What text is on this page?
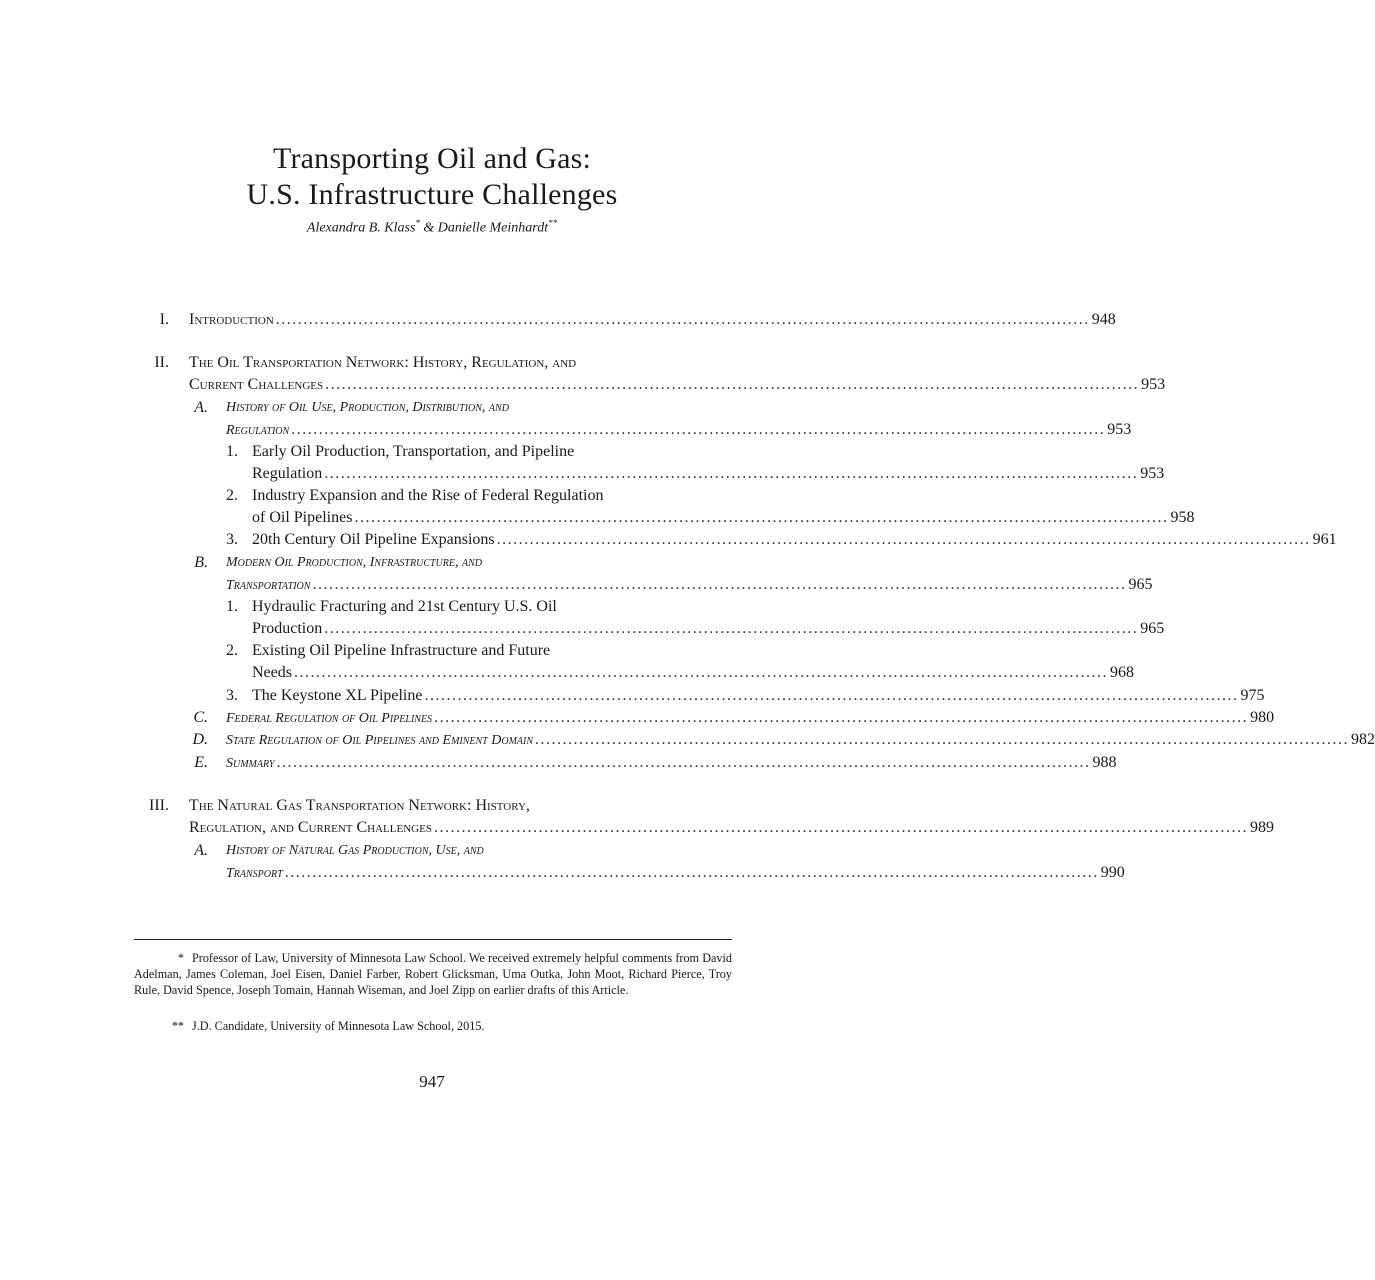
Transporting Oil and Gas:
U.S. Infrastructure Challenges
Alexandra B. Klass* & Danielle Meinhardt**
I. Introduction .................................................................................................................................................... 948
II. The Oil Transportation Network: History, Regulation, and
Current Challenges .................................................................................................................................................... 953
A. History of Oil Use, Production, Distribution, and
Regulation .................................................................................................................................................... 953
1. Early Oil Production, Transportation, and Pipeline
Regulation .................................................................................................................................................... 953
2. Industry Expansion and the Rise of Federal Regulation
of Oil Pipelines .................................................................................................................................................... 958
3. 20th Century Oil Pipeline Expansions .................................................................................................................................................... 961
B. Modern Oil Production, Infrastructure, and
Transportation .................................................................................................................................................... 965
1. Hydraulic Fracturing and 21st Century U.S. Oil
Production .................................................................................................................................................... 965
2. Existing Oil Pipeline Infrastructure and Future
Needs .................................................................................................................................................... 968
3. The Keystone XL Pipeline .................................................................................................................................................... 975
C. Federal Regulation of Oil Pipelines .................................................................................................................................................... 980
D. State Regulation of Oil Pipelines and Eminent Domain .................................................................................................................................................... 982
E. Summary .................................................................................................................................................... 988
III. The Natural Gas Transportation Network: History,
Regulation, and Current Challenges .................................................................................................................................................... 989
A. History of Natural Gas Production, Use, and
Transport .................................................................................................................................................... 990
* Professor of Law, University of Minnesota Law School. We received extremely helpful comments from David Adelman, James Coleman, Joel Eisen, Daniel Farber, Robert Glicksman, Uma Outka, John Moot, Richard Pierce, Troy Rule, David Spence, Joseph Tomain, Hannah Wiseman, and Joel Zipp on earlier drafts of this Article.
** J.D. Candidate, University of Minnesota Law School, 2015.
947
